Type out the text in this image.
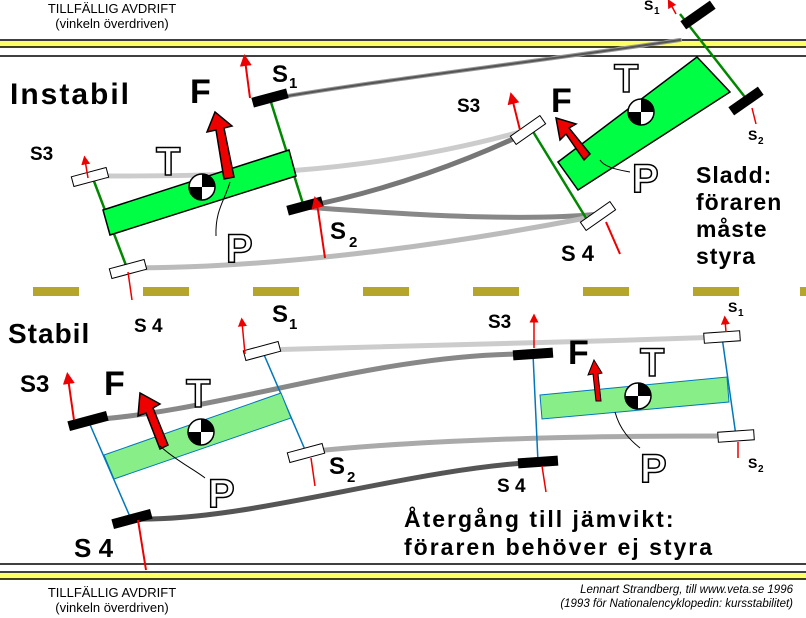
TILLFÄLLIG AVDRIFT
(vinkeln överdriven)
TILLFÄLLIG AVDRIFT
(vinkeln överdriven)
Lennart Strandberg, till www.veta.se 1996
(1993 för Nationalencyklopedin: kursstabilitet)
Instabil
Stabil
Sladd:
föraren
måste
styra
Återgång till jämvikt:
föraren behöver ej styra
F
T
P
S 1
S 2
S3
S 4
F T
P
S 1
S 2
S3
S 4
F T
P
S 1
S 2
S3
S 4
F T
P
S 1
S 2
S3
S 4
